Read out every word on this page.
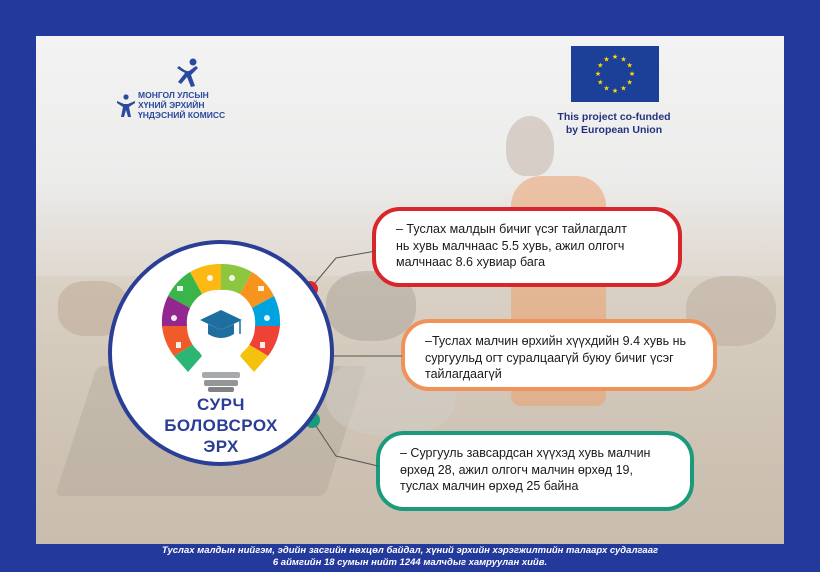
МОНГОЛ УЛСЫН
ХҮНИЙ ЭРХИЙН
ҮНДЭСНИЙ КОМИСС
★ ★
★
★
★
★
★
★
★
★
★
★
This project co-funded
by European Union
– Туслах малдын бичиг үсэг тайлагдалт
нь хувь малчнаас 5.5 хувь, ажил олгогч
малчнаас 8.6 хувиар бага
–Туслах малчин өрхийн хүүхдийн 9.4 хувь нь
сургуульд огт суралцаагүй буюу бичиг үсэг
тайлагдаагүй
– Сургууль завсардсан хүүхэд хувь малчин
өрхөд 28, ажил олгогч малчин өрхөд 19,
туслах малчин өрхөд 25 байна
СУРЧ
БОЛОВСРОХ
ЭРХ
Туслах малдын нийгэм, эдийн засгийн нөхцөл байдал, хүний эрхийн хэрэгжилтийн талаарх судалгааг
6 аймгийн 18 сумын нийт 1244 малчдыг хамруулан хийв.
